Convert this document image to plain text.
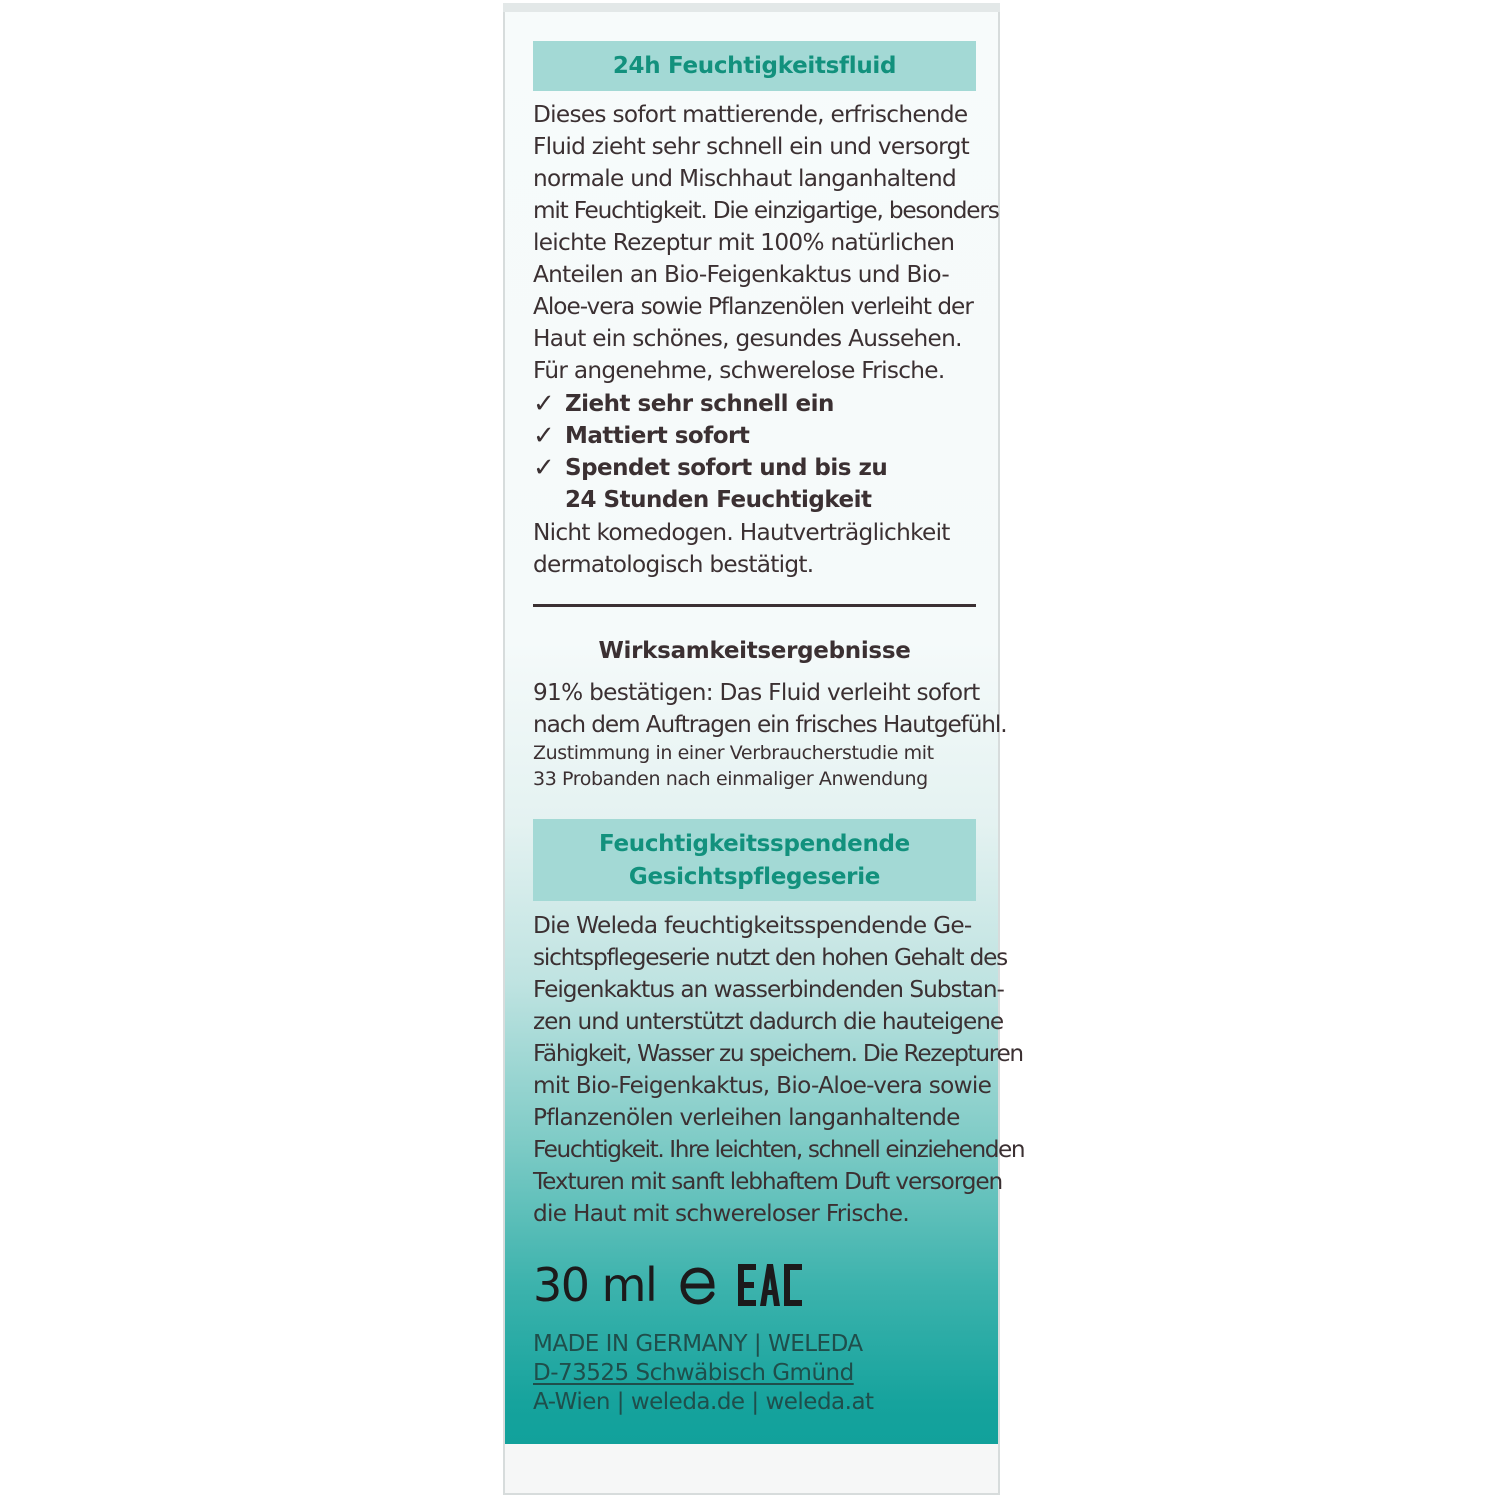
24h Feuchtigkeitsfluid
Dieses sofort mattierende, erfrischende
Fluid zieht sehr schnell ein und versorgt
normale und Mischhaut langanhaltend
mit Feuchtigkeit. Die einzigartige, besonders
leichte Rezeptur mit 100% natürlichen
Anteilen an Bio-Feigenkaktus und Bio-
Aloe-vera sowie Pflanzenölen verleiht der
Haut ein schönes, gesundes Aussehen.
Für angenehme, schwerelose Frische.
✓ Zieht sehr schnell ein
✓ Mattiert sofort
✓ Spendet sofort und bis zu
24 Stunden Feuchtigkeit
Nicht komedogen. Hautverträglichkeit
dermatologisch bestätigt.
Wirksamkeitsergebnisse
91% bestätigen: Das Fluid verleiht sofort
nach dem Auftragen ein frisches Hautgefühl.
Zustimmung in einer Verbraucherstudie mit
33 Probanden nach einmaliger Anwendung
Feuchtigkeitsspendende
Gesichtspflegeserie
Die Weleda feuchtigkeitsspendende Ge-
sichtspflegeserie nutzt den hohen Gehalt des
Feigenkaktus an wasserbindenden Substan-
zen und unterstützt dadurch die hauteigene
Fähigkeit, Wasser zu speichern. Die Rezepturen
mit Bio-Feigenkaktus, Bio-Aloe-vera sowie
Pflanzenölen verleihen langanhaltende
Feuchtigkeit. Ihre leichten, schnell einziehenden
Texturen mit sanft lebhaftem Duft versorgen
die Haut mit schwereloser Frische.
30 ml
MADE IN GERMANY | WELEDA
D-73525 Schwäbisch Gmünd
A-Wien | weleda.de | weleda.at
